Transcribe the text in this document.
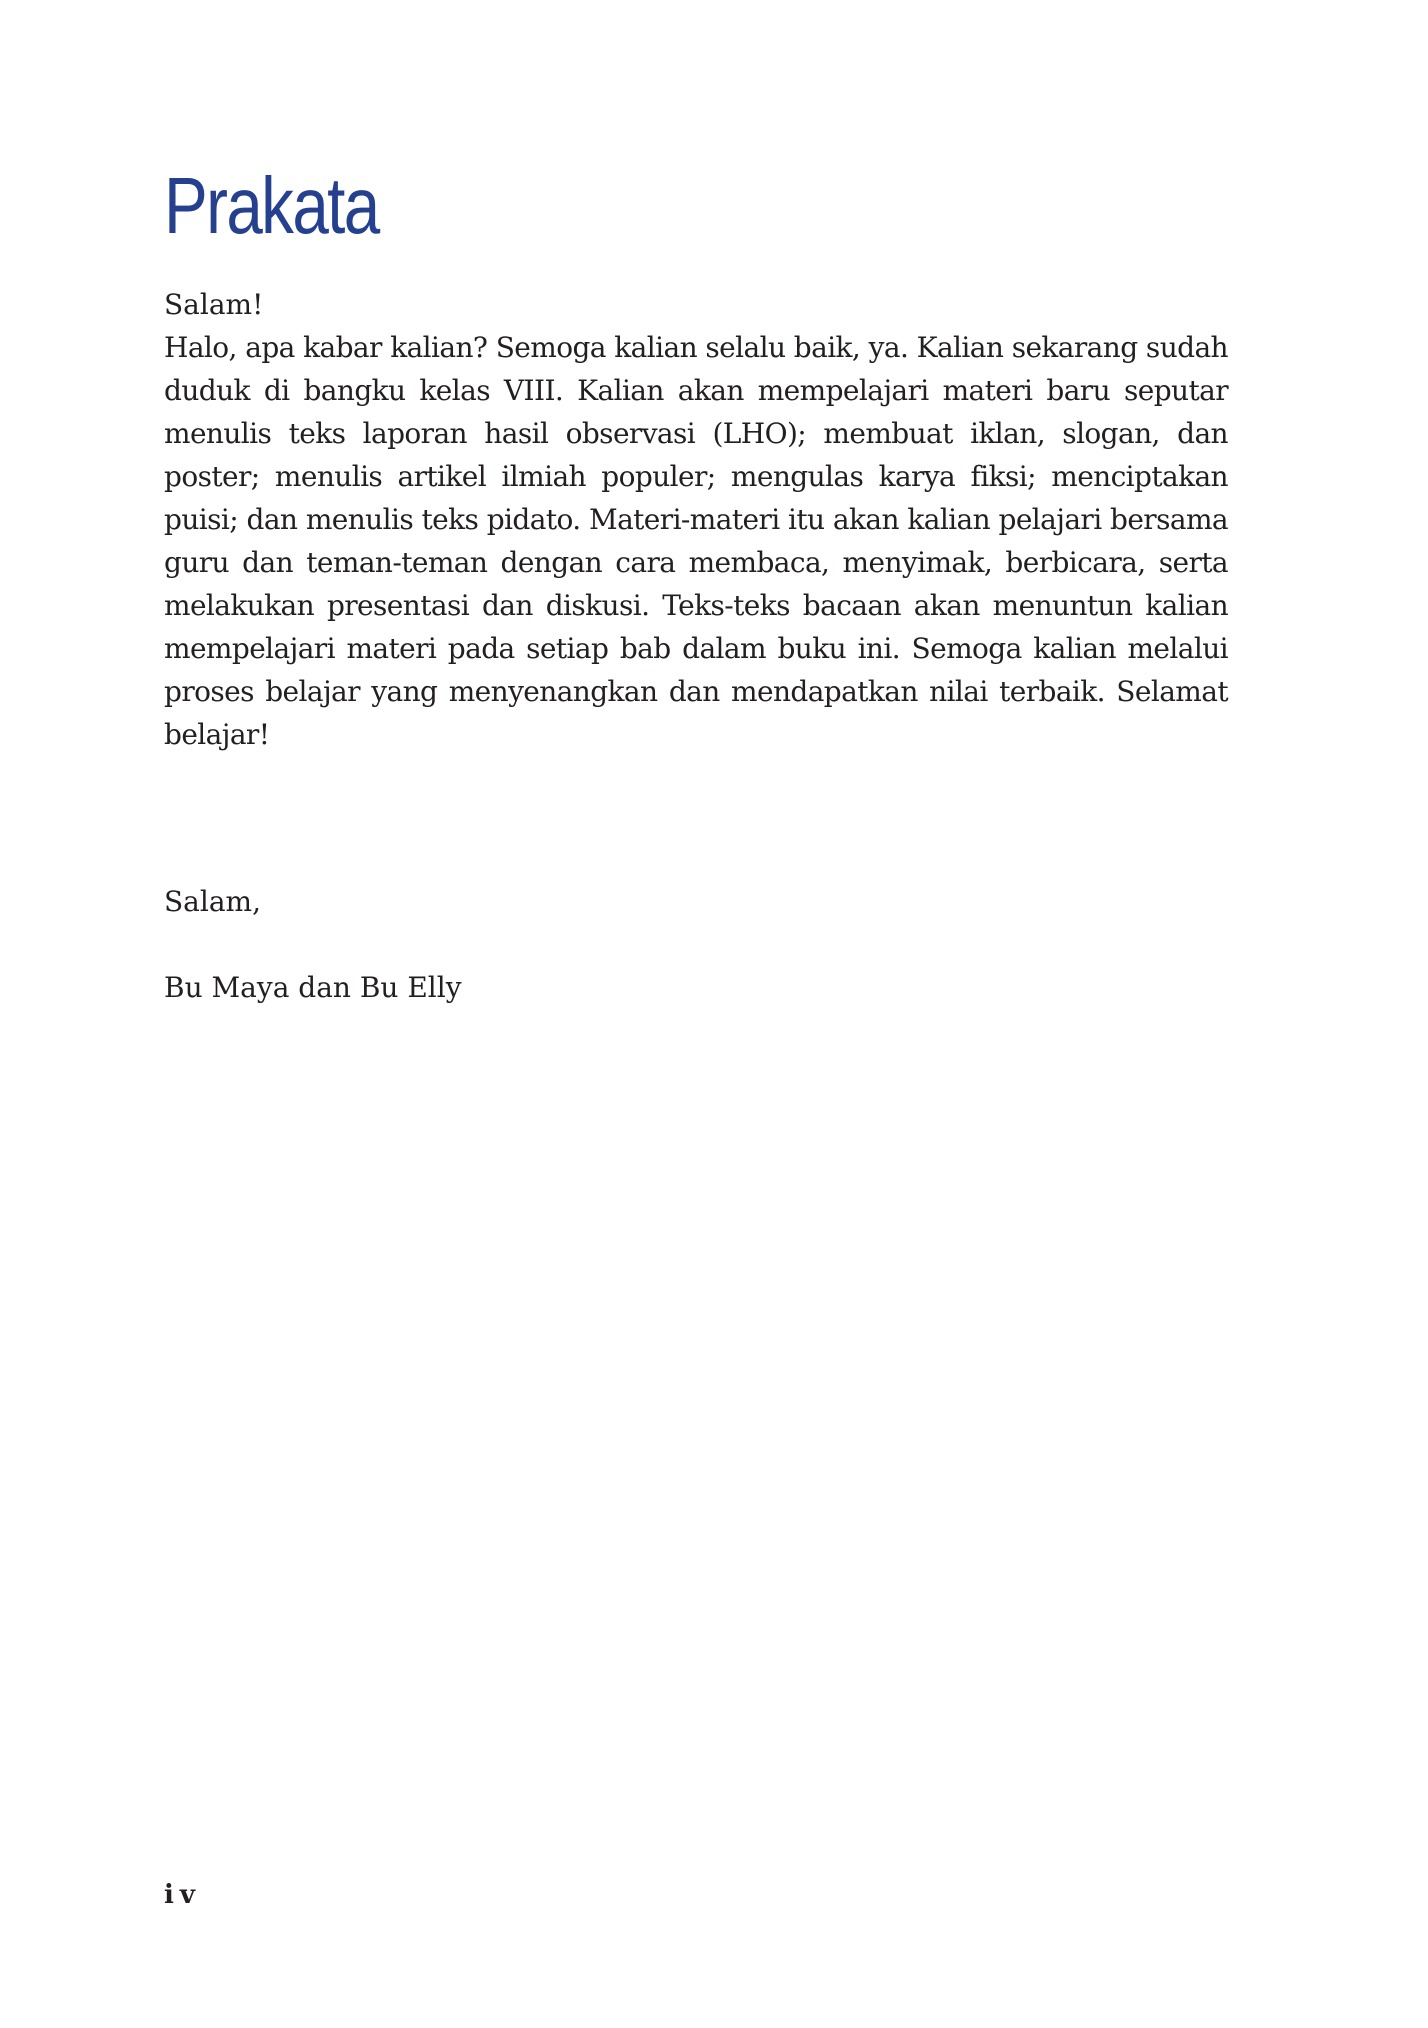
Prakata

Salam!

Halo, apa kabar kalian? Semoga kalian selalu baik, ya. Kalian sekarang sudah duduk di bangku kelas VIII. Kalian akan mempelajari materi baru seputar menulis teks laporan hasil observasi (LHO); membuat iklan, slogan, dan poster; menulis artikel ilmiah populer; mengulas karya fiksi; menciptakan puisi; dan menulis teks pidato. Materi-materi itu akan kalian pelajari bersama guru dan teman-teman dengan cara membaca, menyimak, berbicara, serta melakukan presentasi dan diskusi. Teks-teks bacaan akan menuntun kalian mempelajari materi pada setiap bab dalam buku ini. Semoga kalian melalui proses belajar yang menyenangkan dan mendapatkan nilai terbaik. Selamat belajar!

Salam,

Bu Maya dan Bu Elly

iv
